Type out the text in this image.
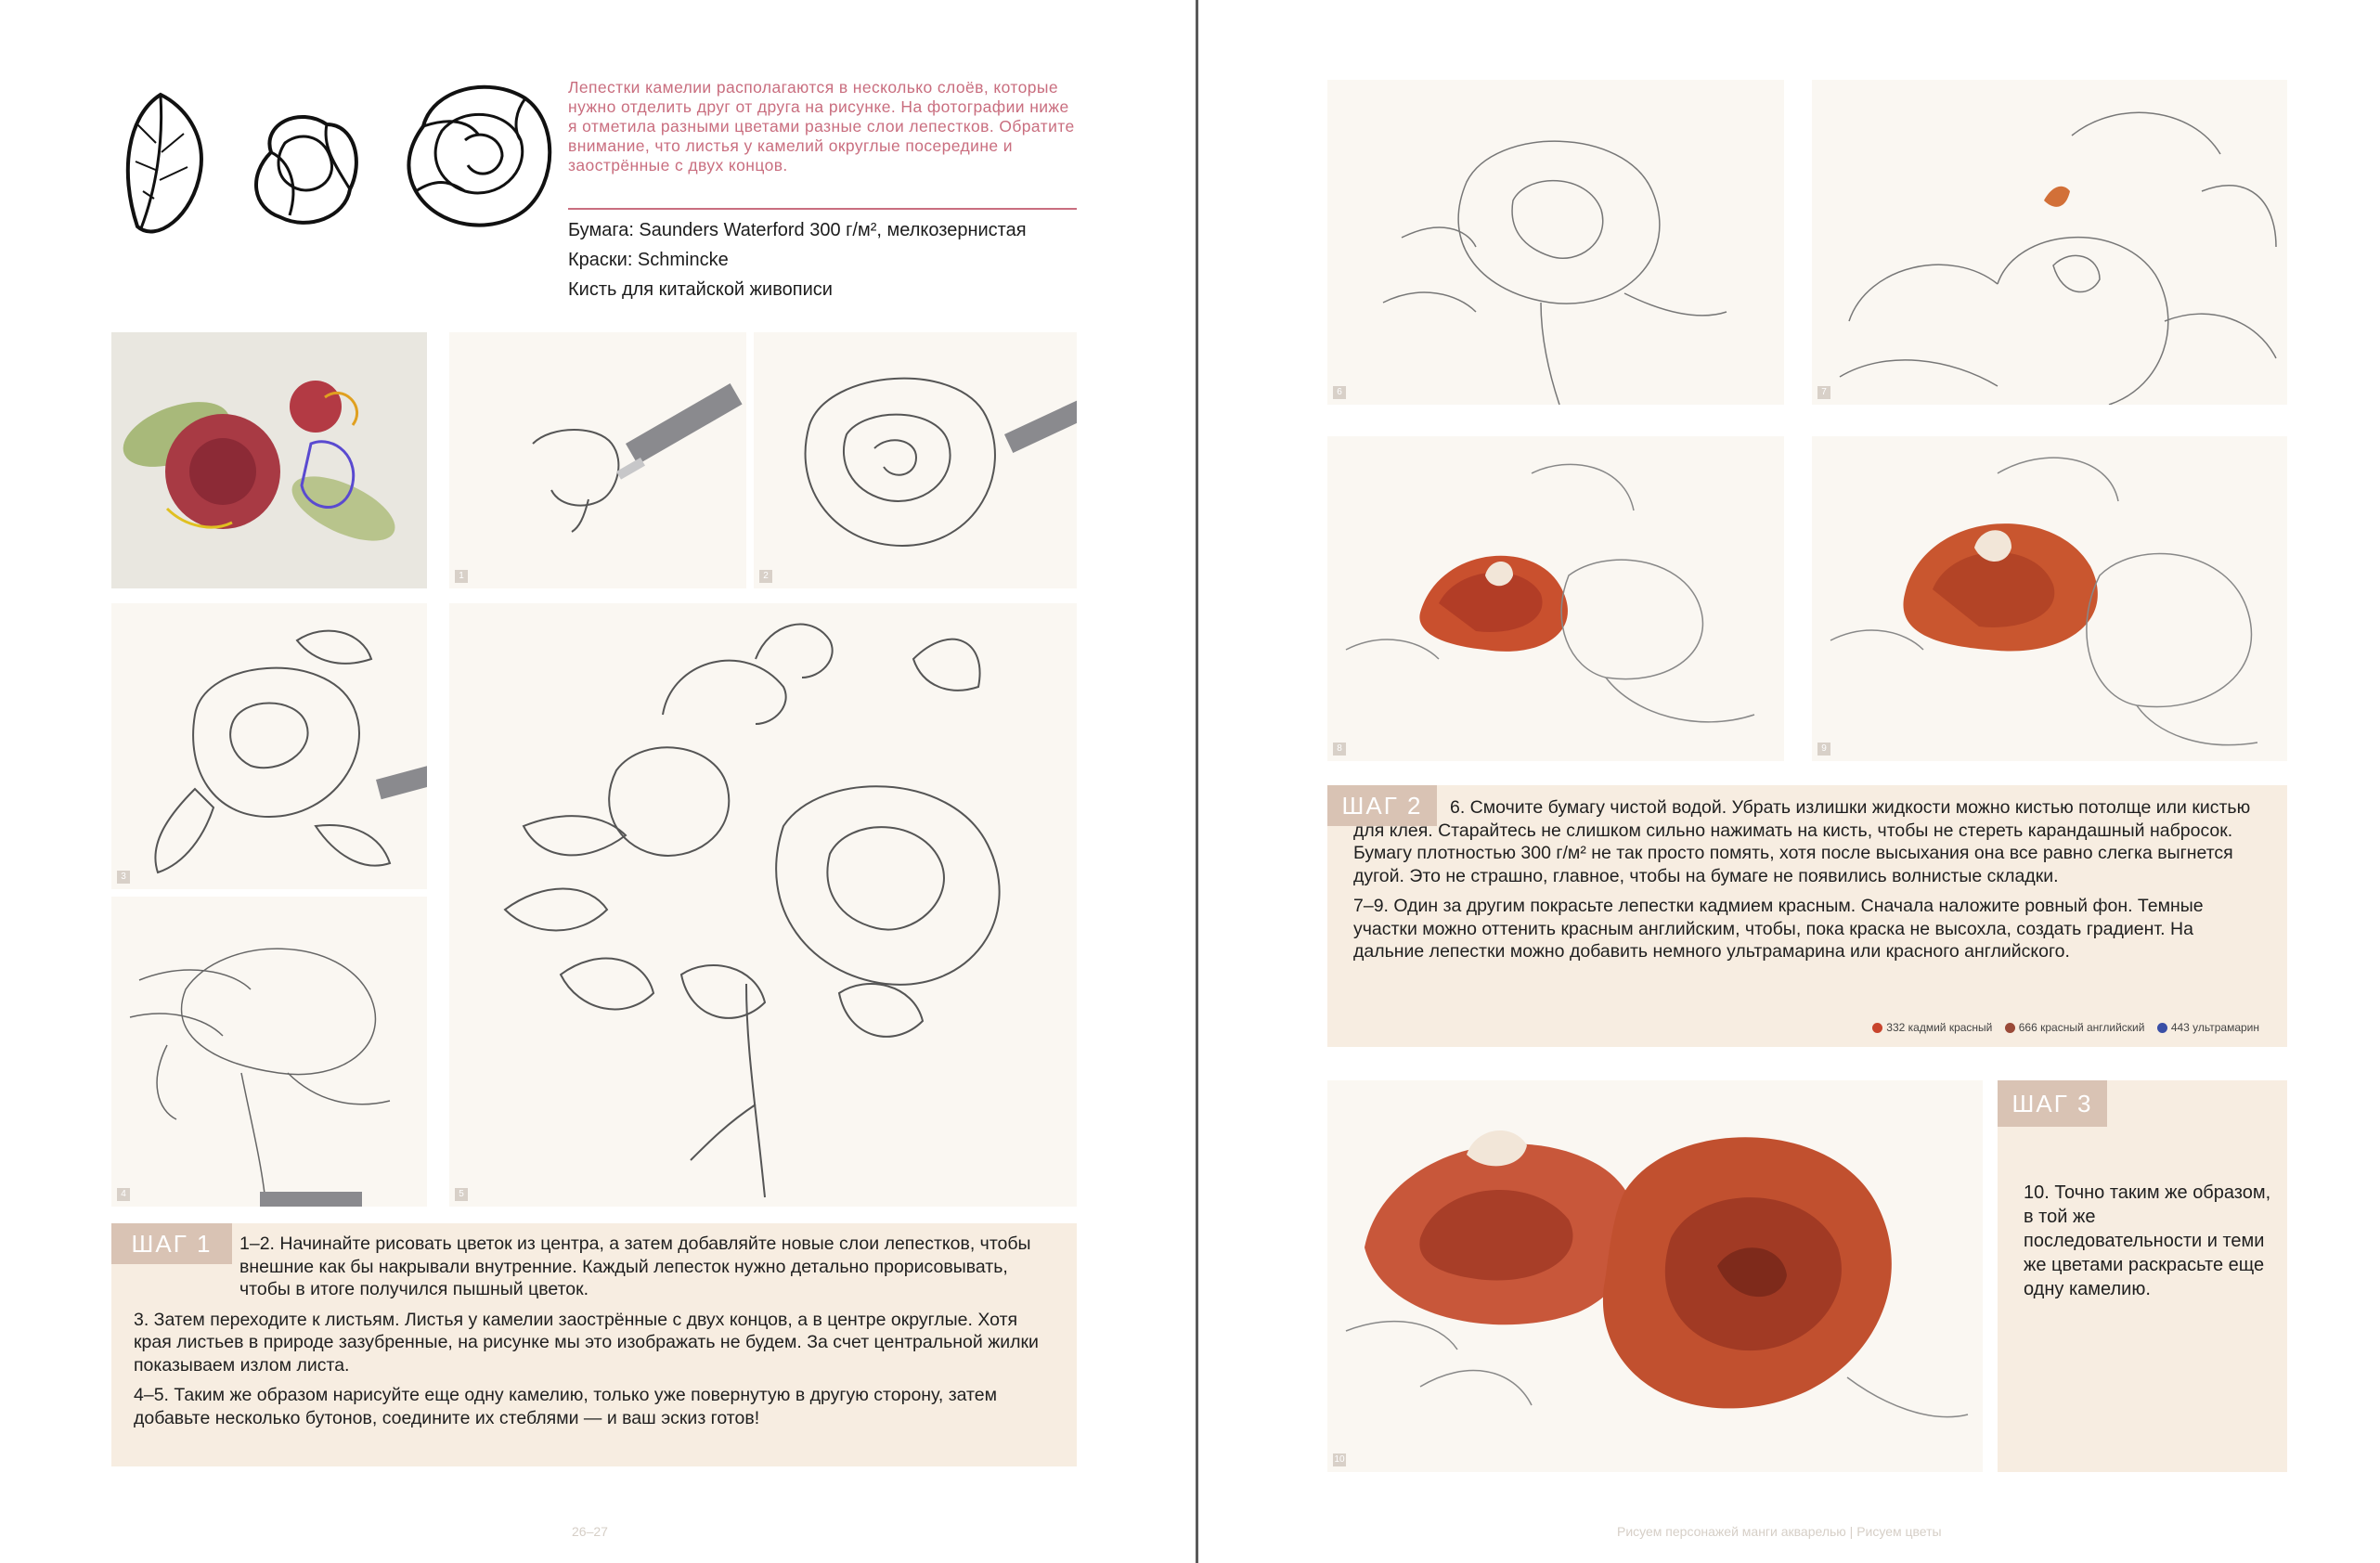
Лепестки камелии располагаются в несколько слоёв, которые нужно отделить друг от друга на рисунке. На фотографии ниже я отметила разными цветами разные слои лепестков. Обратите внимание, что листья у камелий округлые посередине и заострённые с двух концов.
Бумага: Saunders Waterford 300 г/м², мелкозернистая
Краски: Schmincke
Кисть для китайской живописи
1	2
3
4	5
ШАГ 1	1–2. Начинайте рисовать цветок из центра, а затем добавляйте новые слои лепестков, чтобы внешние как бы накрывали внутренние. Каждый лепесток нужно детально прорисовывать, чтобы в итоге получился пышный цветок.

3. Затем переходите к листьям. Листья у камелии заострённые с двух концов, а в центре округлые. Хотя края листьев в природе зазубренные, на рисунке мы это изображать не будем. За счет центральной жилки показываем излом листа.

4–5. Таким же образом нарисуйте еще одну камелию, только уже повернутую в другую сторону, затем добавьте несколько бутонов, соедините их стеблями — и ваш эскиз готов!

26–27
6	7
8	9
ШАГ 2	6. Смочите бумагу чистой водой. Убрать излишки жидкости можно кистью потолще или кистью для клея. Старайтесь не слишком сильно нажимать на кисть, чтобы не стереть карандашный набросок. Бумагу плотностью 300 г/м² не так просто помять, хотя после высыхания она все равно слегка выгнется дугой. Это не страшно, главное, чтобы на бумаге не появились волнистые складки.

7–9. Один за другим покрасьте лепестки кадмием красным. Сначала наложите ровный фон. Темные участки можно оттенить красным английским, чтобы, пока краска не высохла, создать градиент. На дальние лепестки можно добавить немного ультрамарина или красного английского.

332 кадмий красный 666 красный английский 443 ультрамарин
10
ШАГ 3
10. Точно таким же образом, в той же последовательности и теми же цветами раскрасьте еще одну камелию.
Рисуем персонажей манги акварелью | Рисуем цветы
